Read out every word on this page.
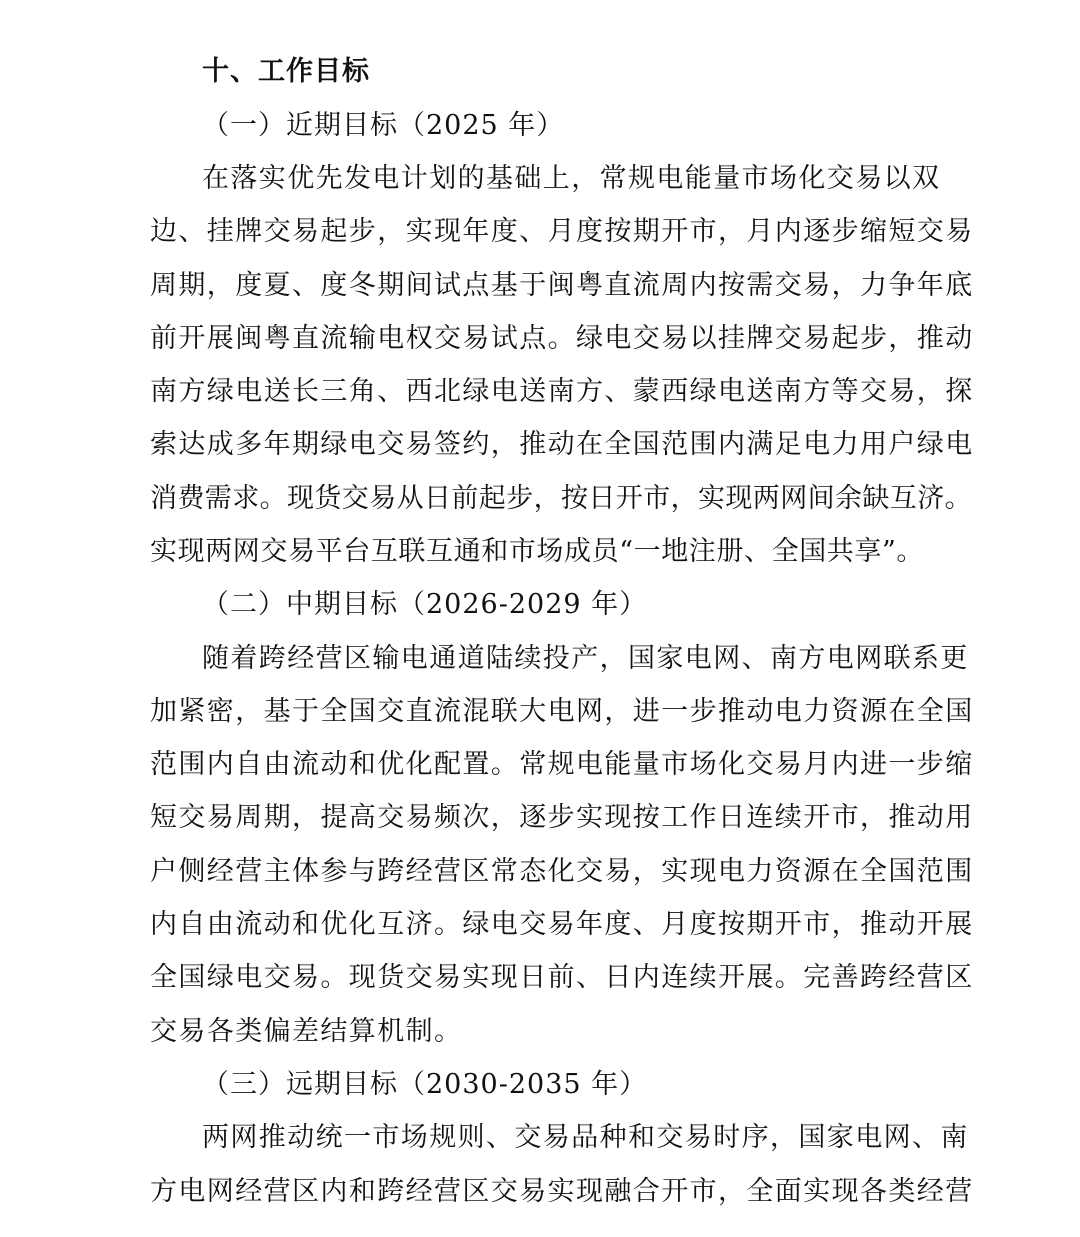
十、工作目标
（一）近期目标（2025 年）
在落实优先发电计划的基础上，常规电能量市场化交易以双
边、挂牌交易起步，实现年度、月度按期开市，月内逐步缩短交易
周期，度夏、度冬期间试点基于闽粤直流周内按需交易，力争年底
前开展闽粤直流输电权交易试点。绿电交易以挂牌交易起步，推动
南方绿电送长三角、西北绿电送南方、蒙西绿电送南方等交易，探
索达成多年期绿电交易签约，推动在全国范围内满足电力用户绿电
消费需求。现货交易从日前起步，按日开市，实现两网间余缺互济。
实现两网交易平台互联互通和市场成员“一地注册、全国共享”。
（二）中期目标（2026-2029 年）
随着跨经营区输电通道陆续投产，国家电网、南方电网联系更
加紧密，基于全国交直流混联大电网，进一步推动电力资源在全国
范围内自由流动和优化配置。常规电能量市场化交易月内进一步缩
短交易周期，提高交易频次，逐步实现按工作日连续开市，推动用
户侧经营主体参与跨经营区常态化交易，实现电力资源在全国范围
内自由流动和优化互济。绿电交易年度、月度按期开市，推动开展
全国绿电交易。现货交易实现日前、日内连续开展。完善跨经营区
交易各类偏差结算机制。
（三）远期目标（2030-2035 年）
两网推动统一市场规则、交易品种和交易时序，国家电网、南
方电网经营区内和跨经营区交易实现融合开市，全面实现各类经营
